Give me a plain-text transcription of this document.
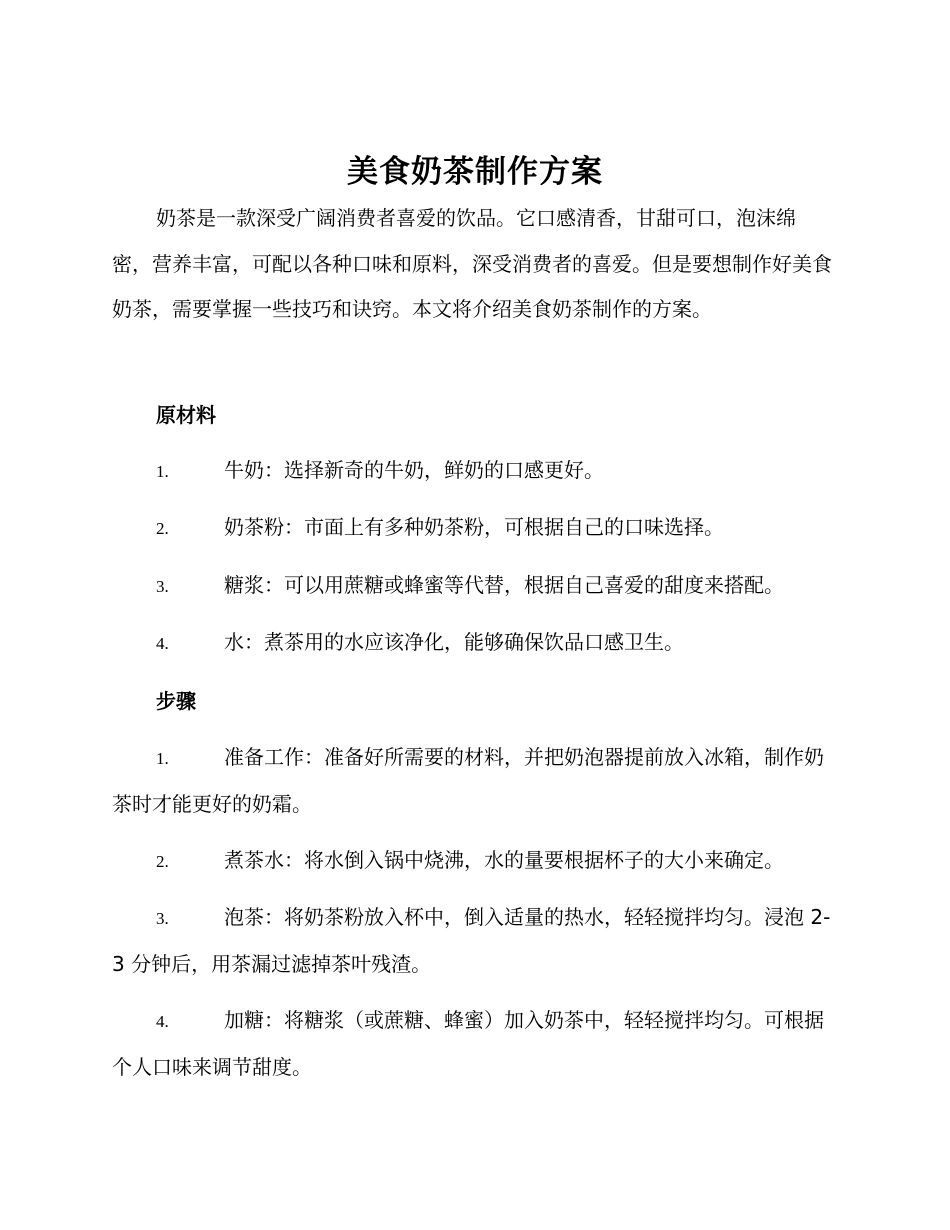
美食奶茶制作方案

奶茶是一款深受广阔消费者喜爱的饮品。它口感清香，甘甜可口，泡沫绵密，营养丰富，可配以各种口味和原料，深受消费者的喜爱。但是要想制作好美食奶茶，需要掌握一些技巧和诀窍。本文将介绍美食奶茶制作的方案。

原材料
1.	牛奶：选择新奇的牛奶，鲜奶的口感更好。
2.	奶茶粉：市面上有多种奶茶粉，可根据自己的口味选择。
3.	糖浆：可以用蔗糖或蜂蜜等代替，根据自己喜爱的甜度来搭配。
4.	水：煮茶用的水应该净化，能够确保饮品口感卫生。
步骤
1.	准备工作：准备好所需要的材料，并把奶泡器提前放入冰箱，制作奶茶时才能更好的奶霜。
2.	煮茶水：将水倒入锅中烧沸，水的量要根据杯子的大小来确定。
3.	泡茶：将奶茶粉放入杯中，倒入适量的热水，轻轻搅拌均匀。浸泡 2-3 分钟后，用茶漏过滤掉茶叶残渣。
4.	加糖：将糖浆（或蔗糖、蜂蜜）加入奶茶中，轻轻搅拌均匀。可根据个人口味来调节甜度。
